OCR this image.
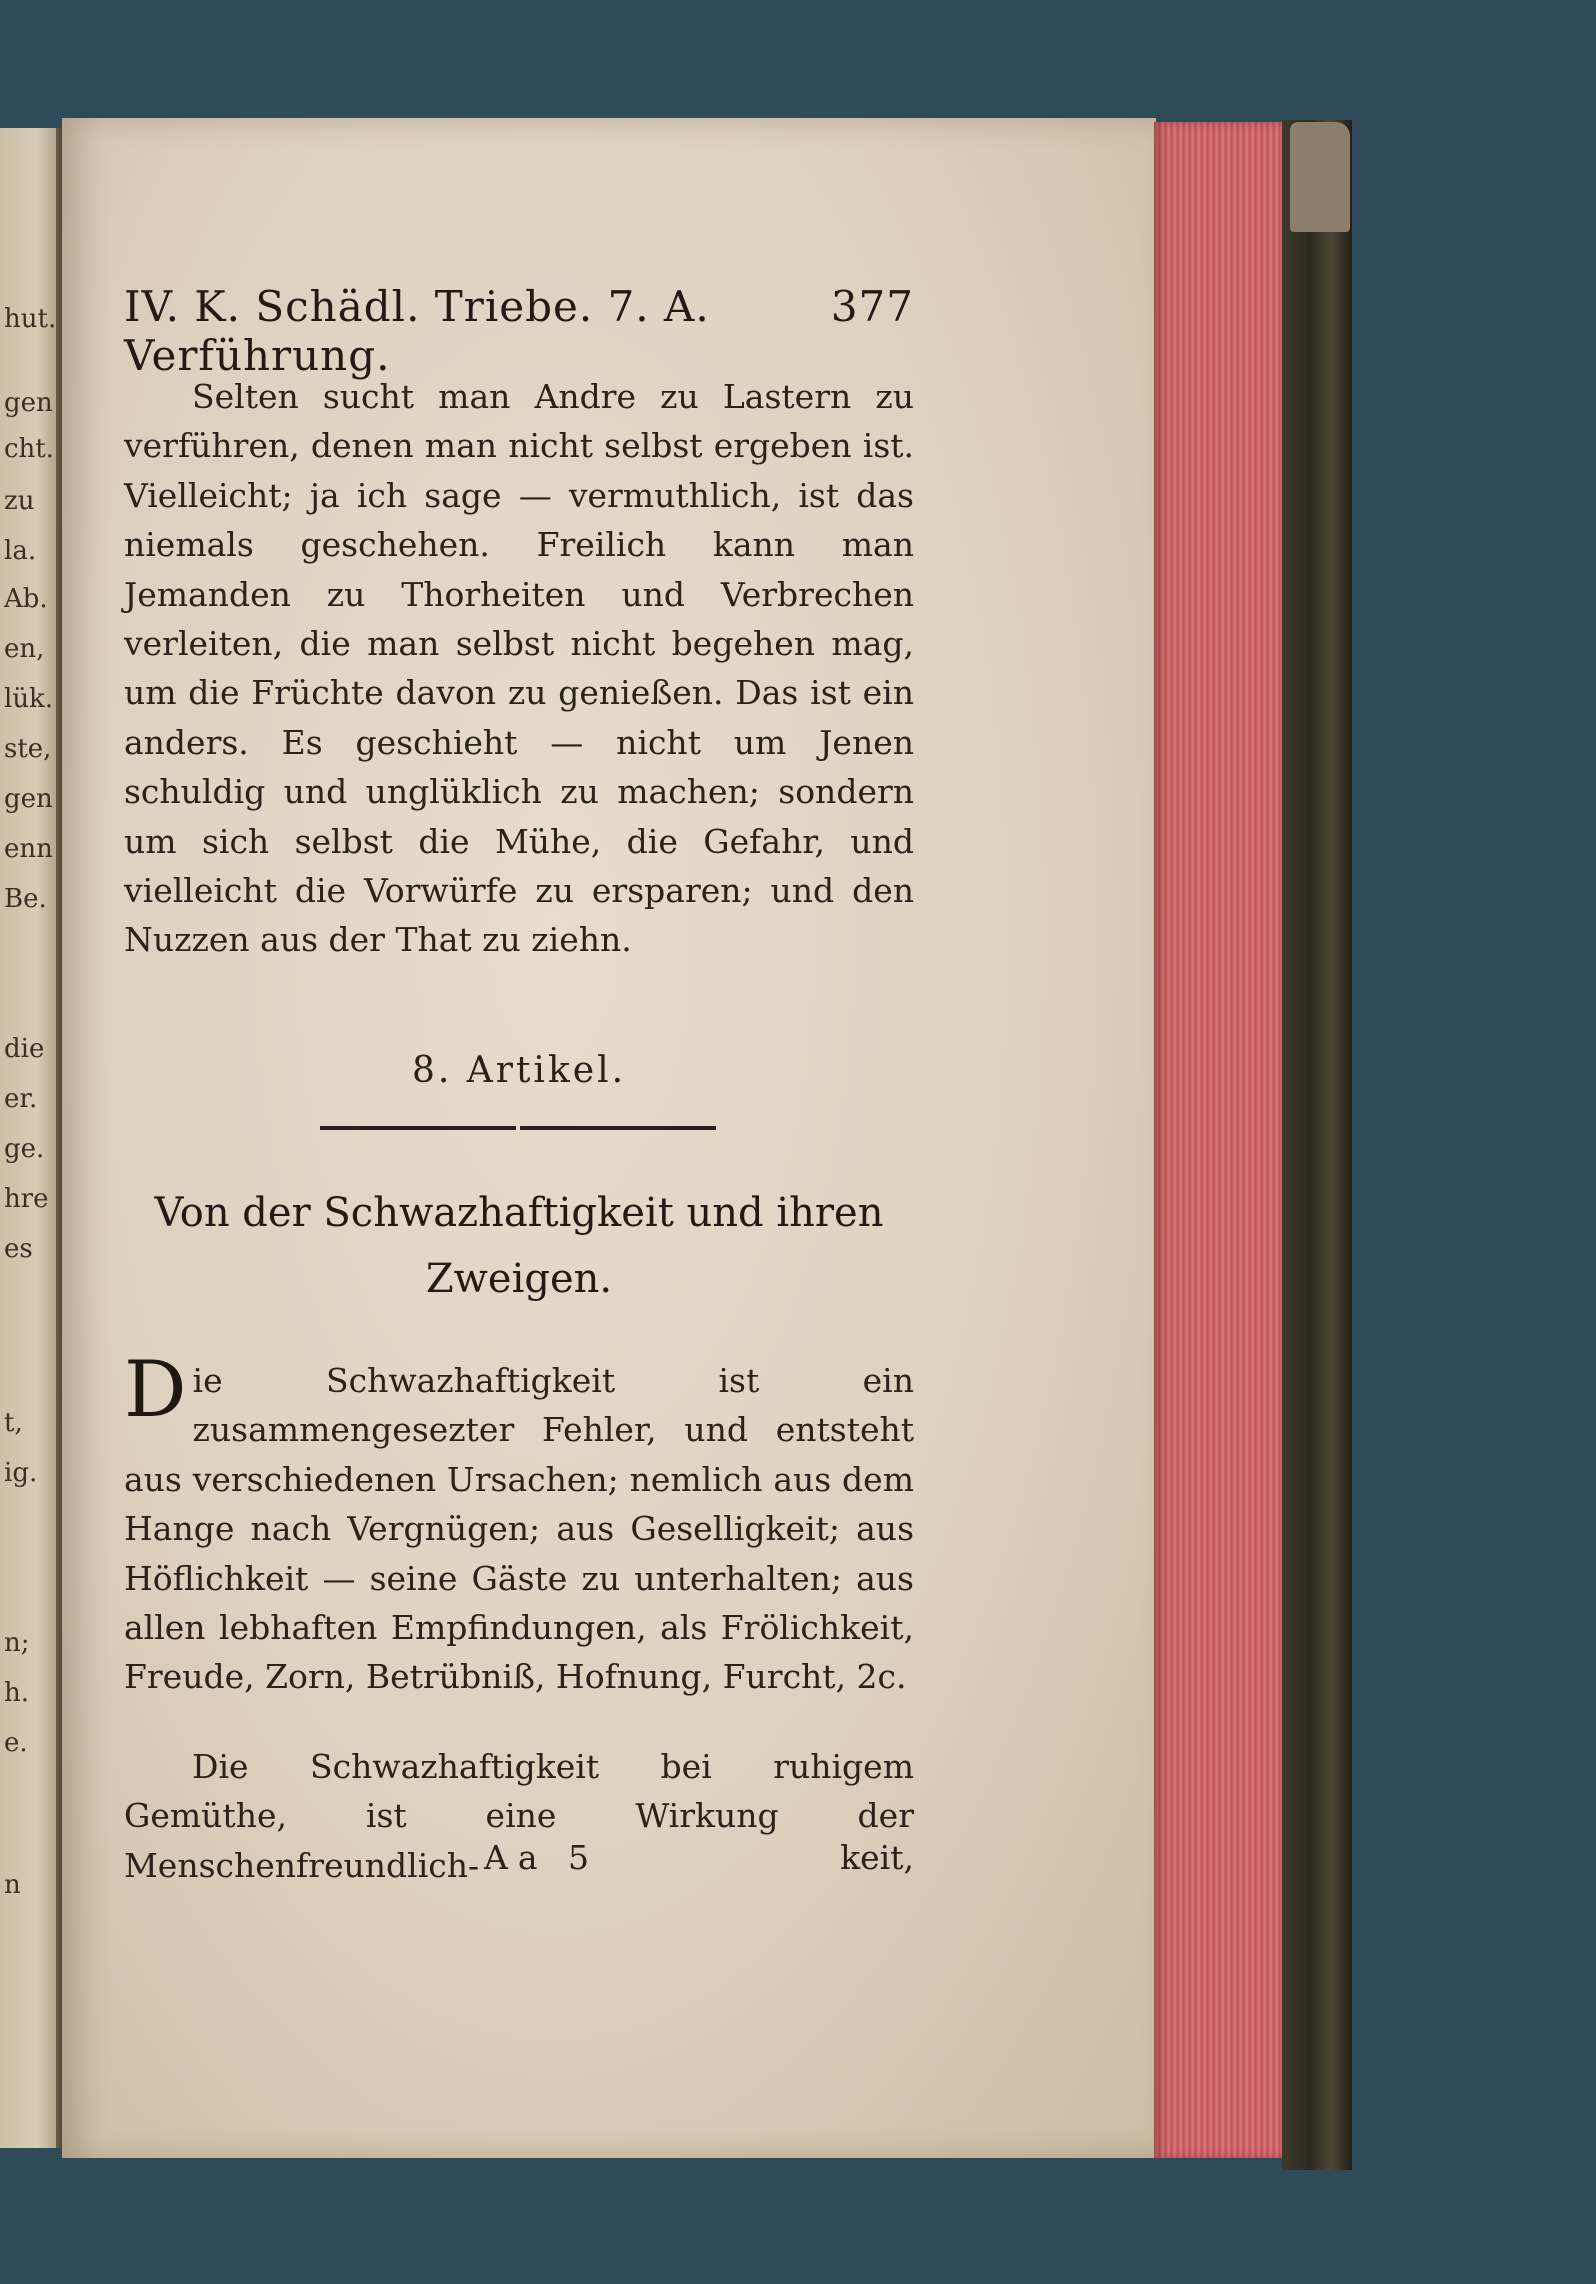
hut.
gen
cht.
zu
la.
Ab.
en,
lük.
ste,
gen
enn
Be.
die
er.
ge.
hre
es
t,
ig.
n;
h.
e.
n
IV. K. Schädl. Triebe. 7. A. Verführung.
377
Selten sucht man Andre zu Lastern zu verführen, denen man nicht selbst ergeben ist. Vielleicht; ja ich sage — vermuthlich, ist das niemals geschehen. Freilich kann man Jemanden zu Thorheiten und Verbrechen verleiten, die man selbst nicht begehen mag, um die Früchte davon zu genießen. Das ist ein anders. Es geschieht — nicht um Jenen schuldig und unglüklich zu machen; sondern um sich selbst die Mühe, die Gefahr, und vielleicht die Vorwürfe zu ersparen; und den Nuzzen aus der That zu ziehn.
8. Artikel.
Von der Schwazhaftigkeit und ihren Zweigen.
Die Schwazhaftigkeit ist ein zusammengesezter Fehler, und entsteht aus verschiedenen Ursachen; nemlich aus dem Hange nach Vergnügen; aus Geselligkeit; aus Höflichkeit — seine Gäste zu unterhalten; aus allen lebhaften Empfindungen, als Frölichkeit, Freude, Zorn, Betrübniß, Hofnung, Furcht, 2c.
Die Schwazhaftigkeit bei ruhigem Gemüthe, ist eine Wirkung der Menschenfreundlich- Aa 5	keit,
